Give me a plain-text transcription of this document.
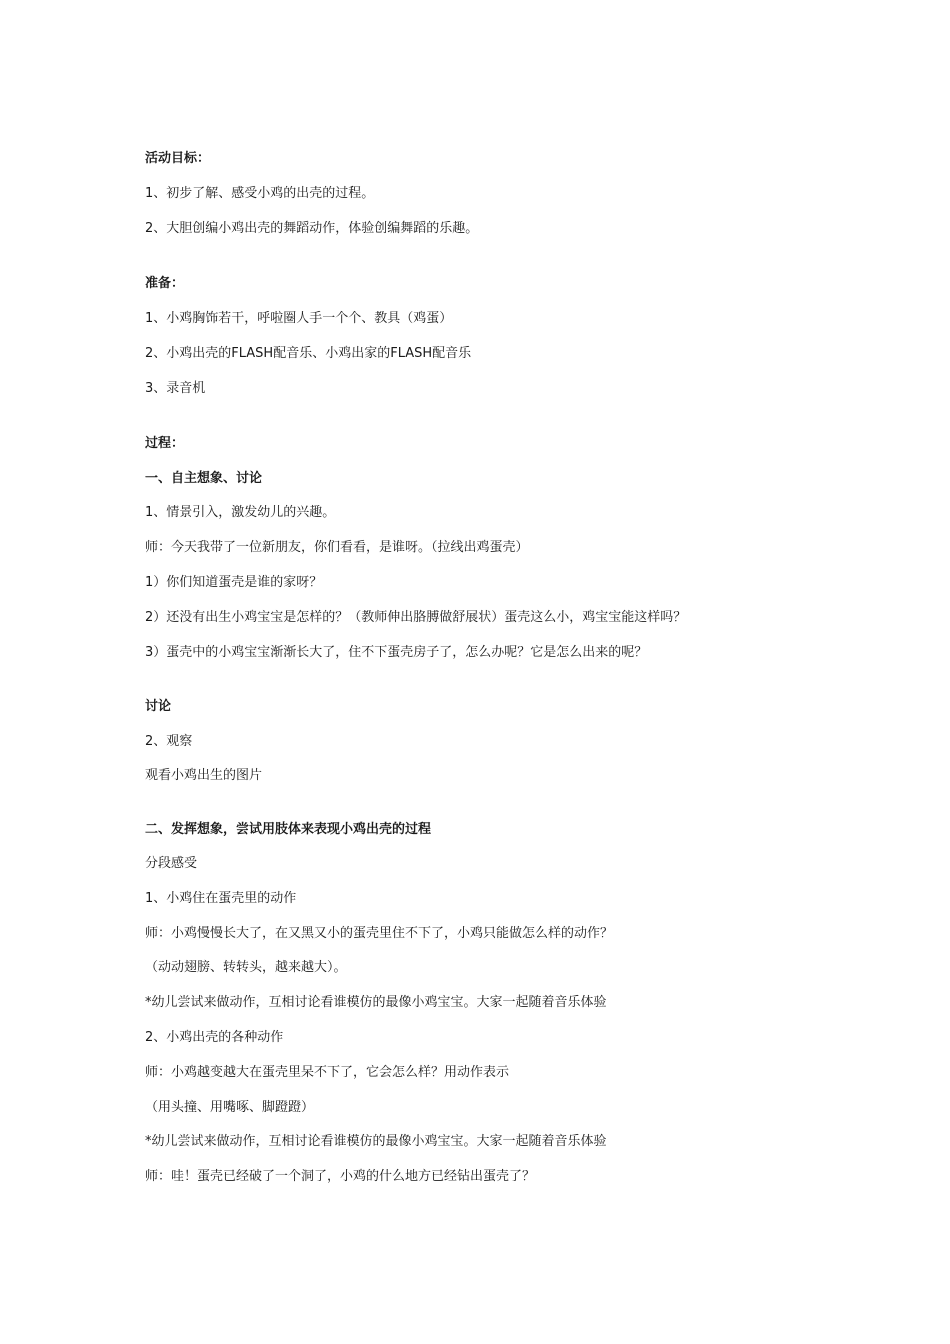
活动目标：

1、初步了解、感受小鸡的出壳的过程。

2、大胆创编小鸡出壳的舞蹈动作，体验创编舞蹈的乐趣。

准备：

1、小鸡胸饰若干，呼啦圈人手一个个、教具（鸡蛋）

2、小鸡出壳的FLASH配音乐、小鸡出家的FLASH配音乐

3、录音机

过程：

一、自主想象、讨论

1、情景引入，激发幼儿的兴趣。

师：今天我带了一位新朋友，你们看看，是谁呀。（拉线出鸡蛋壳）

1）你们知道蛋壳是谁的家呀？

2）还没有出生小鸡宝宝是怎样的？（教师伸出胳膊做舒展状）蛋壳这么小，鸡宝宝能这样吗？

3）蛋壳中的小鸡宝宝渐渐长大了，住不下蛋壳房子了，怎么办呢？它是怎么出来的呢？

讨论

2、观察

观看小鸡出生的图片

二、发挥想象，尝试用肢体来表现小鸡出壳的过程

分段感受

1、小鸡住在蛋壳里的动作

师：小鸡慢慢长大了，在又黑又小的蛋壳里住不下了，小鸡只能做怎么样的动作？

（动动翅膀、转转头，越来越大）。

*幼儿尝试来做动作，互相讨论看谁模仿的最像小鸡宝宝。大家一起随着音乐体验

2、小鸡出壳的各种动作

师：小鸡越变越大在蛋壳里呆不下了，它会怎么样？用动作表示

（用头撞、用嘴啄、脚蹬蹬）

*幼儿尝试来做动作，互相讨论看谁模仿的最像小鸡宝宝。大家一起随着音乐体验

师：哇！蛋壳已经破了一个洞了，小鸡的什么地方已经钻出蛋壳了？
